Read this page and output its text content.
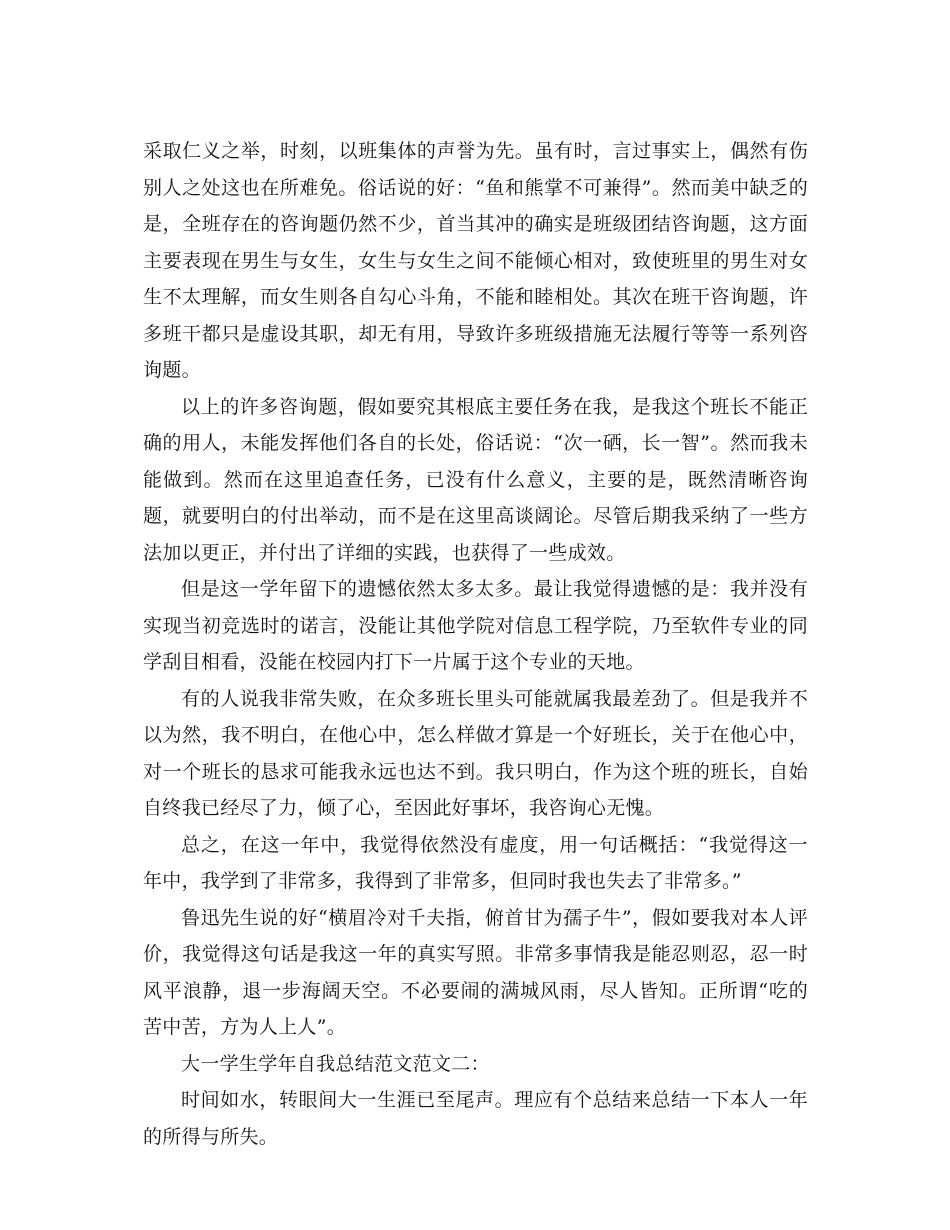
采取仁义之举，时刻，以班集体的声誉为先。虽有时，言过事实上，偶然有伤别人之处这也在所难免。俗话说的好：“鱼和熊掌不可兼得”。然而美中缺乏的是，全班存在的咨询题仍然不少，首当其冲的确实是班级团结咨询题，这方面主要表现在男生与女生，女生与女生之间不能倾心相对，致使班里的男生对女生不太理解，而女生则各自勾心斗角，不能和睦相处。其次在班干咨询题，许多班干都只是虚设其职，却无有用，导致许多班级措施无法履行等等一系列咨询题。

以上的许多咨询题，假如要究其根底主要任务在我，是我这个班长不能正确的用人，未能发挥他们各自的长处，俗话说：“次一硒，长一智”。然而我未能做到。然而在这里追查任务，已没有什么意义，主要的是，既然清晰咨询题，就要明白的付出举动，而不是在这里高谈阔论。尽管后期我采纳了一些方法加以更正，并付出了详细的实践，也获得了一些成效。

但是这一学年留下的遗憾依然太多太多。最让我觉得遗憾的是：我并没有实现当初竞选时的诺言，没能让其他学院对信息工程学院，乃至软件专业的同学刮目相看，没能在校园内打下一片属于这个专业的天地。

有的人说我非常失败，在众多班长里头可能就属我最差劲了。但是我并不以为然，我不明白，在他心中，怎么样做才算是一个好班长，关于在他心中，对一个班长的恳求可能我永远也达不到。我只明白，作为这个班的班长，自始自终我已经尽了力，倾了心，至因此好事坏，我咨询心无愧。

总之，在这一年中，我觉得依然没有虚度，用一句话概括：“我觉得这一年中，我学到了非常多，我得到了非常多，但同时我也失去了非常多。”

鲁迅先生说的好“横眉冷对千夫指，俯首甘为孺子牛”，假如要我对本人评价，我觉得这句话是我这一年的真实写照。非常多事情我是能忍则忍，忍一时风平浪静，退一步海阔天空。不必要闹的满城风雨，尽人皆知。正所谓“吃的苦中苦，方为人上人”。

大一学生学年自我总结范文范文二：

时间如水，转眼间大一生涯已至尾声。理应有个总结来总结一下本人一年的所得与所失。
